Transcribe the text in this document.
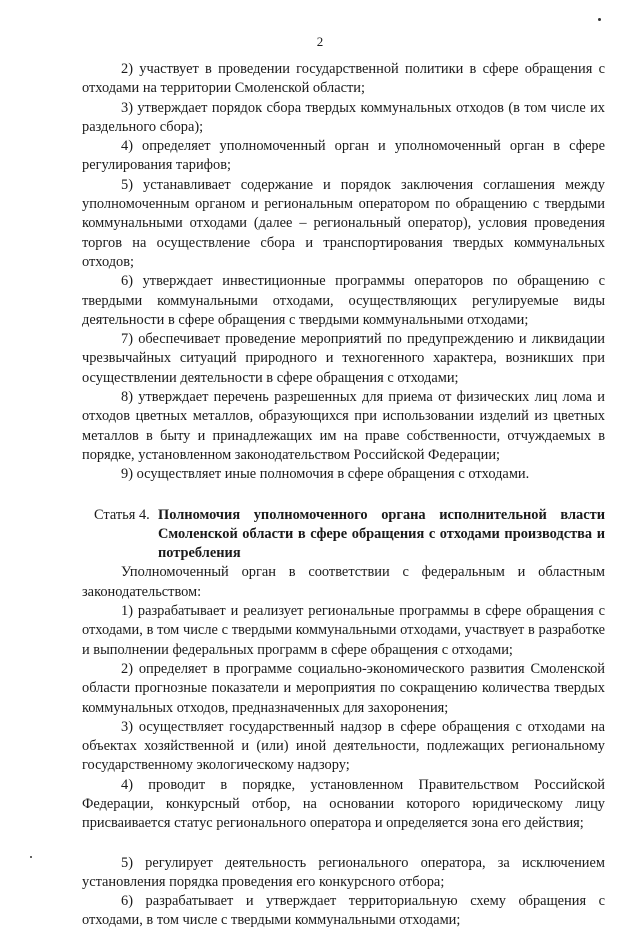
2

2) участвует в проведении государственной политики в сфере обращения с отходами на территории Смоленской области;

3) утверждает порядок сбора твердых коммунальных отходов (в том числе их раздельного сбора);

4) определяет уполномоченный орган и уполномоченный орган в сфере регулирования тарифов;

5) устанавливает содержание и порядок заключения соглашения между уполномоченным органом и региональным оператором по обращению с твердыми коммунальными отходами (далее – региональный оператор), условия проведения торгов на осуществление сбора и транспортирования твердых коммунальных отходов;

6) утверждает инвестиционные программы операторов по обращению с твердыми коммунальными отходами, осуществляющих регулируемые виды деятельности в сфере обращения с твердыми коммунальными отходами;

7) обеспечивает проведение мероприятий по предупреждению и ликвидации чрезвычайных ситуаций природного и техногенного характера, возникших при осуществлении деятельности в сфере обращения с отходами;

8) утверждает перечень разрешенных для приема от физических лиц лома и отходов цветных металлов, образующихся при использовании изделий из цветных металлов в быту и принадлежащих им на праве собственности, отчуждаемых в порядке, установленном законодательством Российской Федерации;

9) осуществляет иные полномочия в сфере обращения с отходами.

Статья 4. Полномочия уполномоченного органа исполнительной власти Смоленской области в сфере обращения с отходами производства и потребления

Уполномоченный орган в соответствии с федеральным и областным законодательством:

1) разрабатывает и реализует региональные программы в сфере обращения с отходами, в том числе с твердыми коммунальными отходами, участвует в разработке и выполнении федеральных программ в сфере обращения с отходами;

2) определяет в программе социально-экономического развития Смоленской области прогнозные показатели и мероприятия по сокращению количества твердых коммунальных отходов, предназначенных для захоронения;

3) осуществляет государственный надзор в сфере обращения с отходами на объектах хозяйственной и (или) иной деятельности, подлежащих региональному государственному экологическому надзору;

4) проводит в порядке, установленном Правительством Российской Федерации, конкурсный отбор, на основании которого юридическому лицу присваивается статус регионального оператора и определяется зона его действия;

5) регулирует деятельность регионального оператора, за исключением установления порядка проведения его конкурсного отбора;

6) разрабатывает и утверждает территориальную схему обращения с отходами, в том числе с твердыми коммунальными отходами;
